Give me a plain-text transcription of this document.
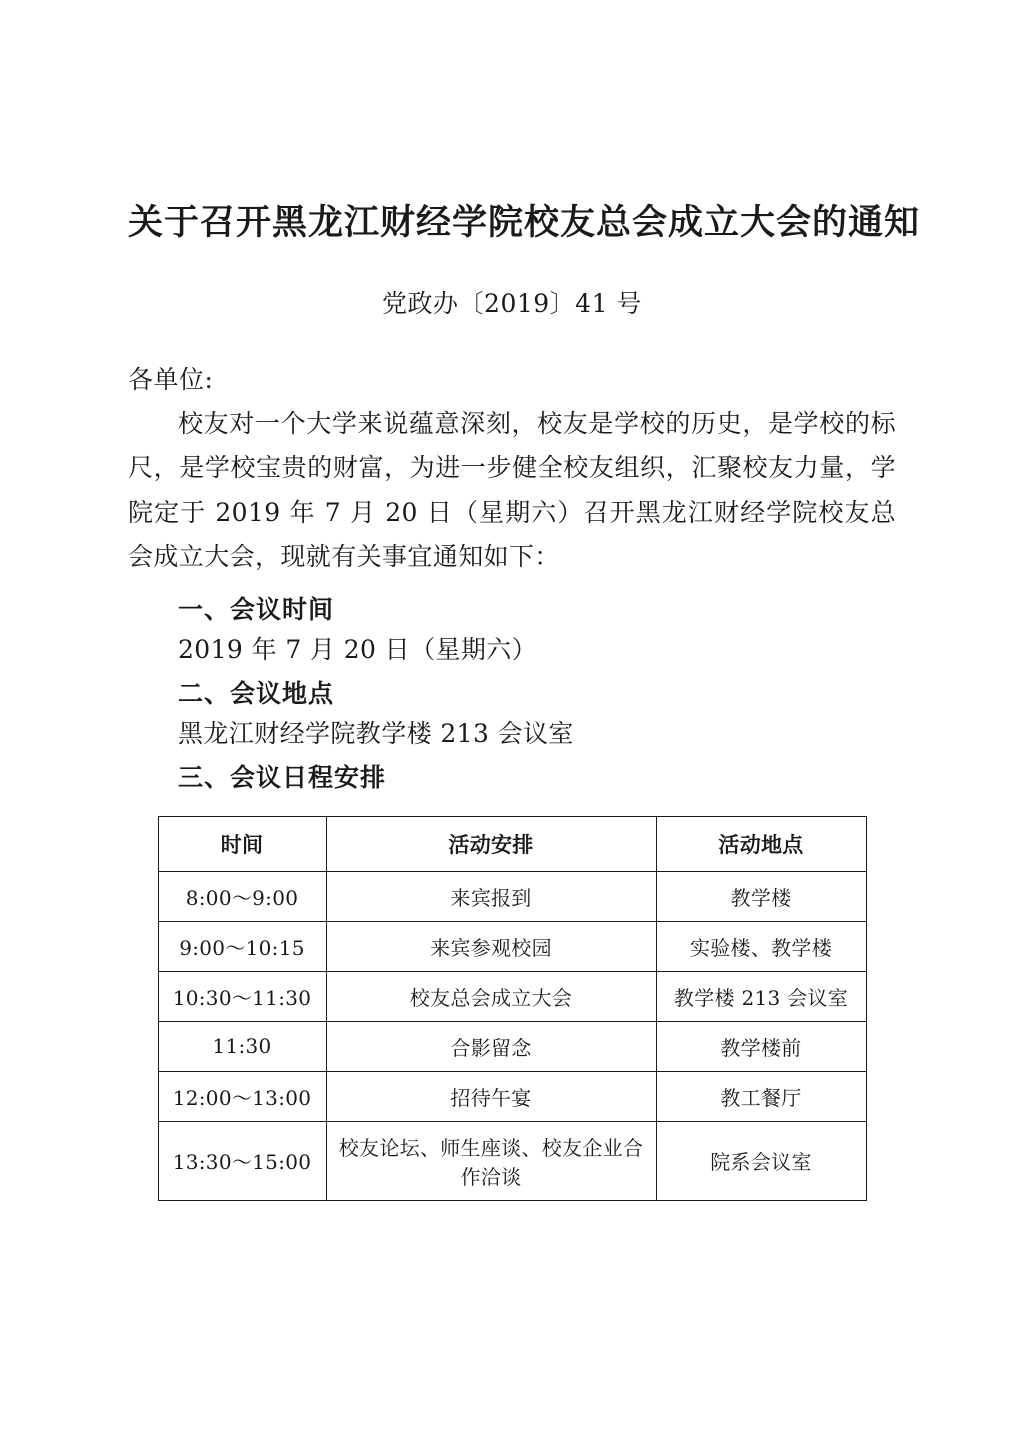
关于召开黑龙江财经学院校友总会成立大会的通知
党政办〔2019〕41 号
各单位:

校友对一个大学来说蕴意深刻，校友是学校的历史，是学校的标尺，是学校宝贵的财富，为进一步健全校友组织，汇聚校友力量，学院定于 2019 年 7 月 20 日（星期六）召开黑龙江财经学院校友总会成立大会，现就有关事宜通知如下：

一、会议时间
2019 年 7 月 20 日（星期六）
二、会议地点
黑龙江财经学院教学楼 213 会议室
三、会议日程安排
时间	活动安排	活动地点
8:00～9:00	来宾报到	教学楼
9:00～10:15	来宾参观校园	实验楼、教学楼
10:30～11:30	校友总会成立大会	教学楼 213 会议室
11:30	合影留念	教学楼前
12:00～13:00	招待午宴	教工餐厅
13:30～15:00	校友论坛、师生座谈、校友企业合作洽谈	院系会议室
